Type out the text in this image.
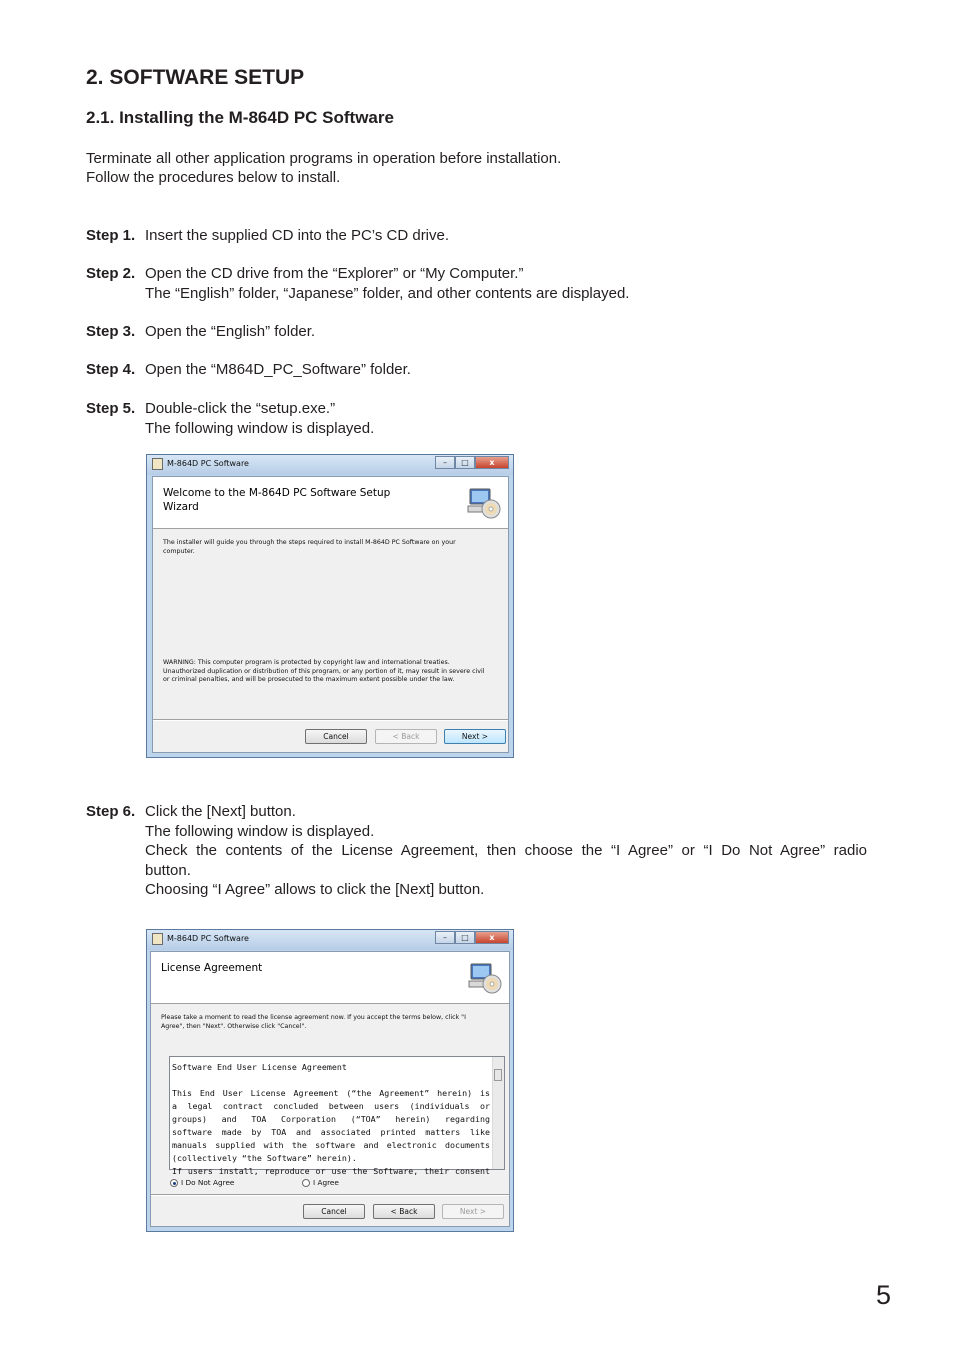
2. SOFTWARE SETUP
2.1. Installing the M-864D PC Software
Terminate all other application programs in operation before installation.
Follow the procedures below to install.
Step 1. Insert the supplied CD into the PC’s CD drive.
Step 2. Open the CD drive from the “Explorer” or “My Computer.”
The “English” folder, “Japanese” folder, and other contents are displayed.
Step 3. Open the “English” folder.
Step 4. Open the “M864D_PC_Software” folder.
Step 5. Double-click the “setup.exe.”
The following window is displayed.
M-864D PC Software	–	□	x
Welcome to the M-864D PC Software Setup
Wizard
The installer will guide you through the steps required to install M-864D PC Software on your
computer.
WARNING: This computer program is protected by copyright law and international treaties.
Unauthorized duplication or distribution of this program, or any portion of it, may result in severe civil
or criminal penalties, and will be prosecuted to the maximum extent possible under the law.
Cancel	< Back	Next >
Step 6. Click the [Next] button.
The following window is displayed.
Check the contents of the License Agreement, then choose the “I Agree” or “I Do Not Agree” radio
button.
Choosing “I Agree” allows to click the [Next] button.
M-864D PC Software	–	□	x
License Agreement
Please take a moment to read the license agreement now. If you accept the terms below, click "I
Agree", then "Next". Otherwise click "Cancel".
Software End User License Agreement

This End User License Agreement (“the Agreement” herein) is
a legal contract concluded between users (individuals or
groups) and TOA Corporation (“TOA” herein) regarding
software made by TOA and associated printed matters like
manuals supplied with the software and electronic documents
(collectively “the Software” herein).
If users install, reproduce or use the Software, their consent
I Do Not Agree	I Agree
Cancel	< Back	Next >
5
